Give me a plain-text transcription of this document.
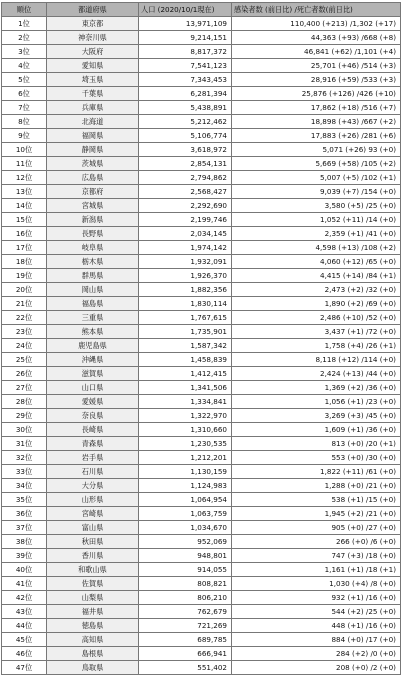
順位	都道府県	人口 (2020/10/1現在)	感染者数 (前日比) /死亡者数(前日比)
1位	東京都	13,971,109	110,400 (+213) /1,302 (+17)
2位	神奈川県	9,214,151	44,363 (+93) /668 (+8)
3位	大阪府	8,817,372	46,841 (+62) /1,101 (+4)
4位	愛知県	7,541,123	25,701 (+46) /514 (+3)
5位	埼玉県	7,343,453	28,916 (+59) /533 (+3)
6位	千葉県	6,281,394	25,876 (+126) /426 (+10)
7位	兵庫県	5,438,891	17,862 (+18) /516 (+7)
8位	北海道	5,212,462	18,898 (+43) /667 (+2)
9位	福岡県	5,106,774	17,883 (+26) /281 (+6)
10位	静岡県	3,618,972	5,071 (+26) 93 (+0)
11位	茨城県	2,854,131	5,669 (+58) /105 (+2)
12位	広島県	2,794,862	5,007 (+5) /102 (+1)
13位	京都府	2,568,427	9,039 (+7) /154 (+0)
14位	宮城県	2,292,690	3,580 (+5) /25 (+0)
15位	新潟県	2,199,746	1,052 (+11) /14 (+0)
16位	長野県	2,034,145	2,359 (+1) /41 (+0)
17位	岐阜県	1,974,142	4,598 (+13) /108 (+2)
18位	栃木県	1,932,091	4,060 (+12) /65 (+0)
19位	群馬県	1,926,370	4,415 (+14) /84 (+1)
20位	岡山県	1,882,356	2,473 (+2) /32 (+0)
21位	福島県	1,830,114	1,890 (+2) /69 (+0)
22位	三重県	1,767,615	2,486 (+10) /52 (+0)
23位	熊本県	1,735,901	3,437 (+1) /72 (+0)
24位	鹿児島県	1,587,342	1,758 (+4) /26 (+1)
25位	沖縄県	1,458,839	8,118 (+12) /114 (+0)
26位	滋賀県	1,412,415	2,424 (+13) /44 (+0)
27位	山口県	1,341,506	1,369 (+2) /36 (+0)
28位	愛媛県	1,334,841	1,056 (+1) /23 (+0)
29位	奈良県	1,322,970	3,269 (+3) /45 (+0)
30位	長崎県	1,310,660	1,609 (+1) /36 (+0)
31位	青森県	1,230,535	813 (+0) /20 (+1)
32位	岩手県	1,212,201	553 (+0) /30 (+0)
33位	石川県	1,130,159	1,822 (+11) /61 (+0)
34位	大分県	1,124,983	1,288 (+0) /21 (+0)
35位	山形県	1,064,954	538 (+1) /15 (+0)
36位	宮崎県	1,063,759	1,945 (+2) /21 (+0)
37位	富山県	1,034,670	905 (+0) /27 (+0)
38位	秋田県	952,069	266 (+0) /6 (+0)
39位	香川県	948,801	747 (+3) /18 (+0)
40位	和歌山県	914,055	1,161 (+1) /18 (+1)
41位	佐賀県	808,821	1,030 (+4) /8 (+0)
42位	山梨県	806,210	932 (+1) /16 (+0)
43位	福井県	762,679	544 (+2) /25 (+0)
44位	徳島県	721,269	448 (+1) /16 (+0)
45位	高知県	689,785	884 (+0) /17 (+0)
46位	島根県	666,941	284 (+2) /0 (+0)
47位	鳥取県	551,402	208 (+0) /2 (+0)
